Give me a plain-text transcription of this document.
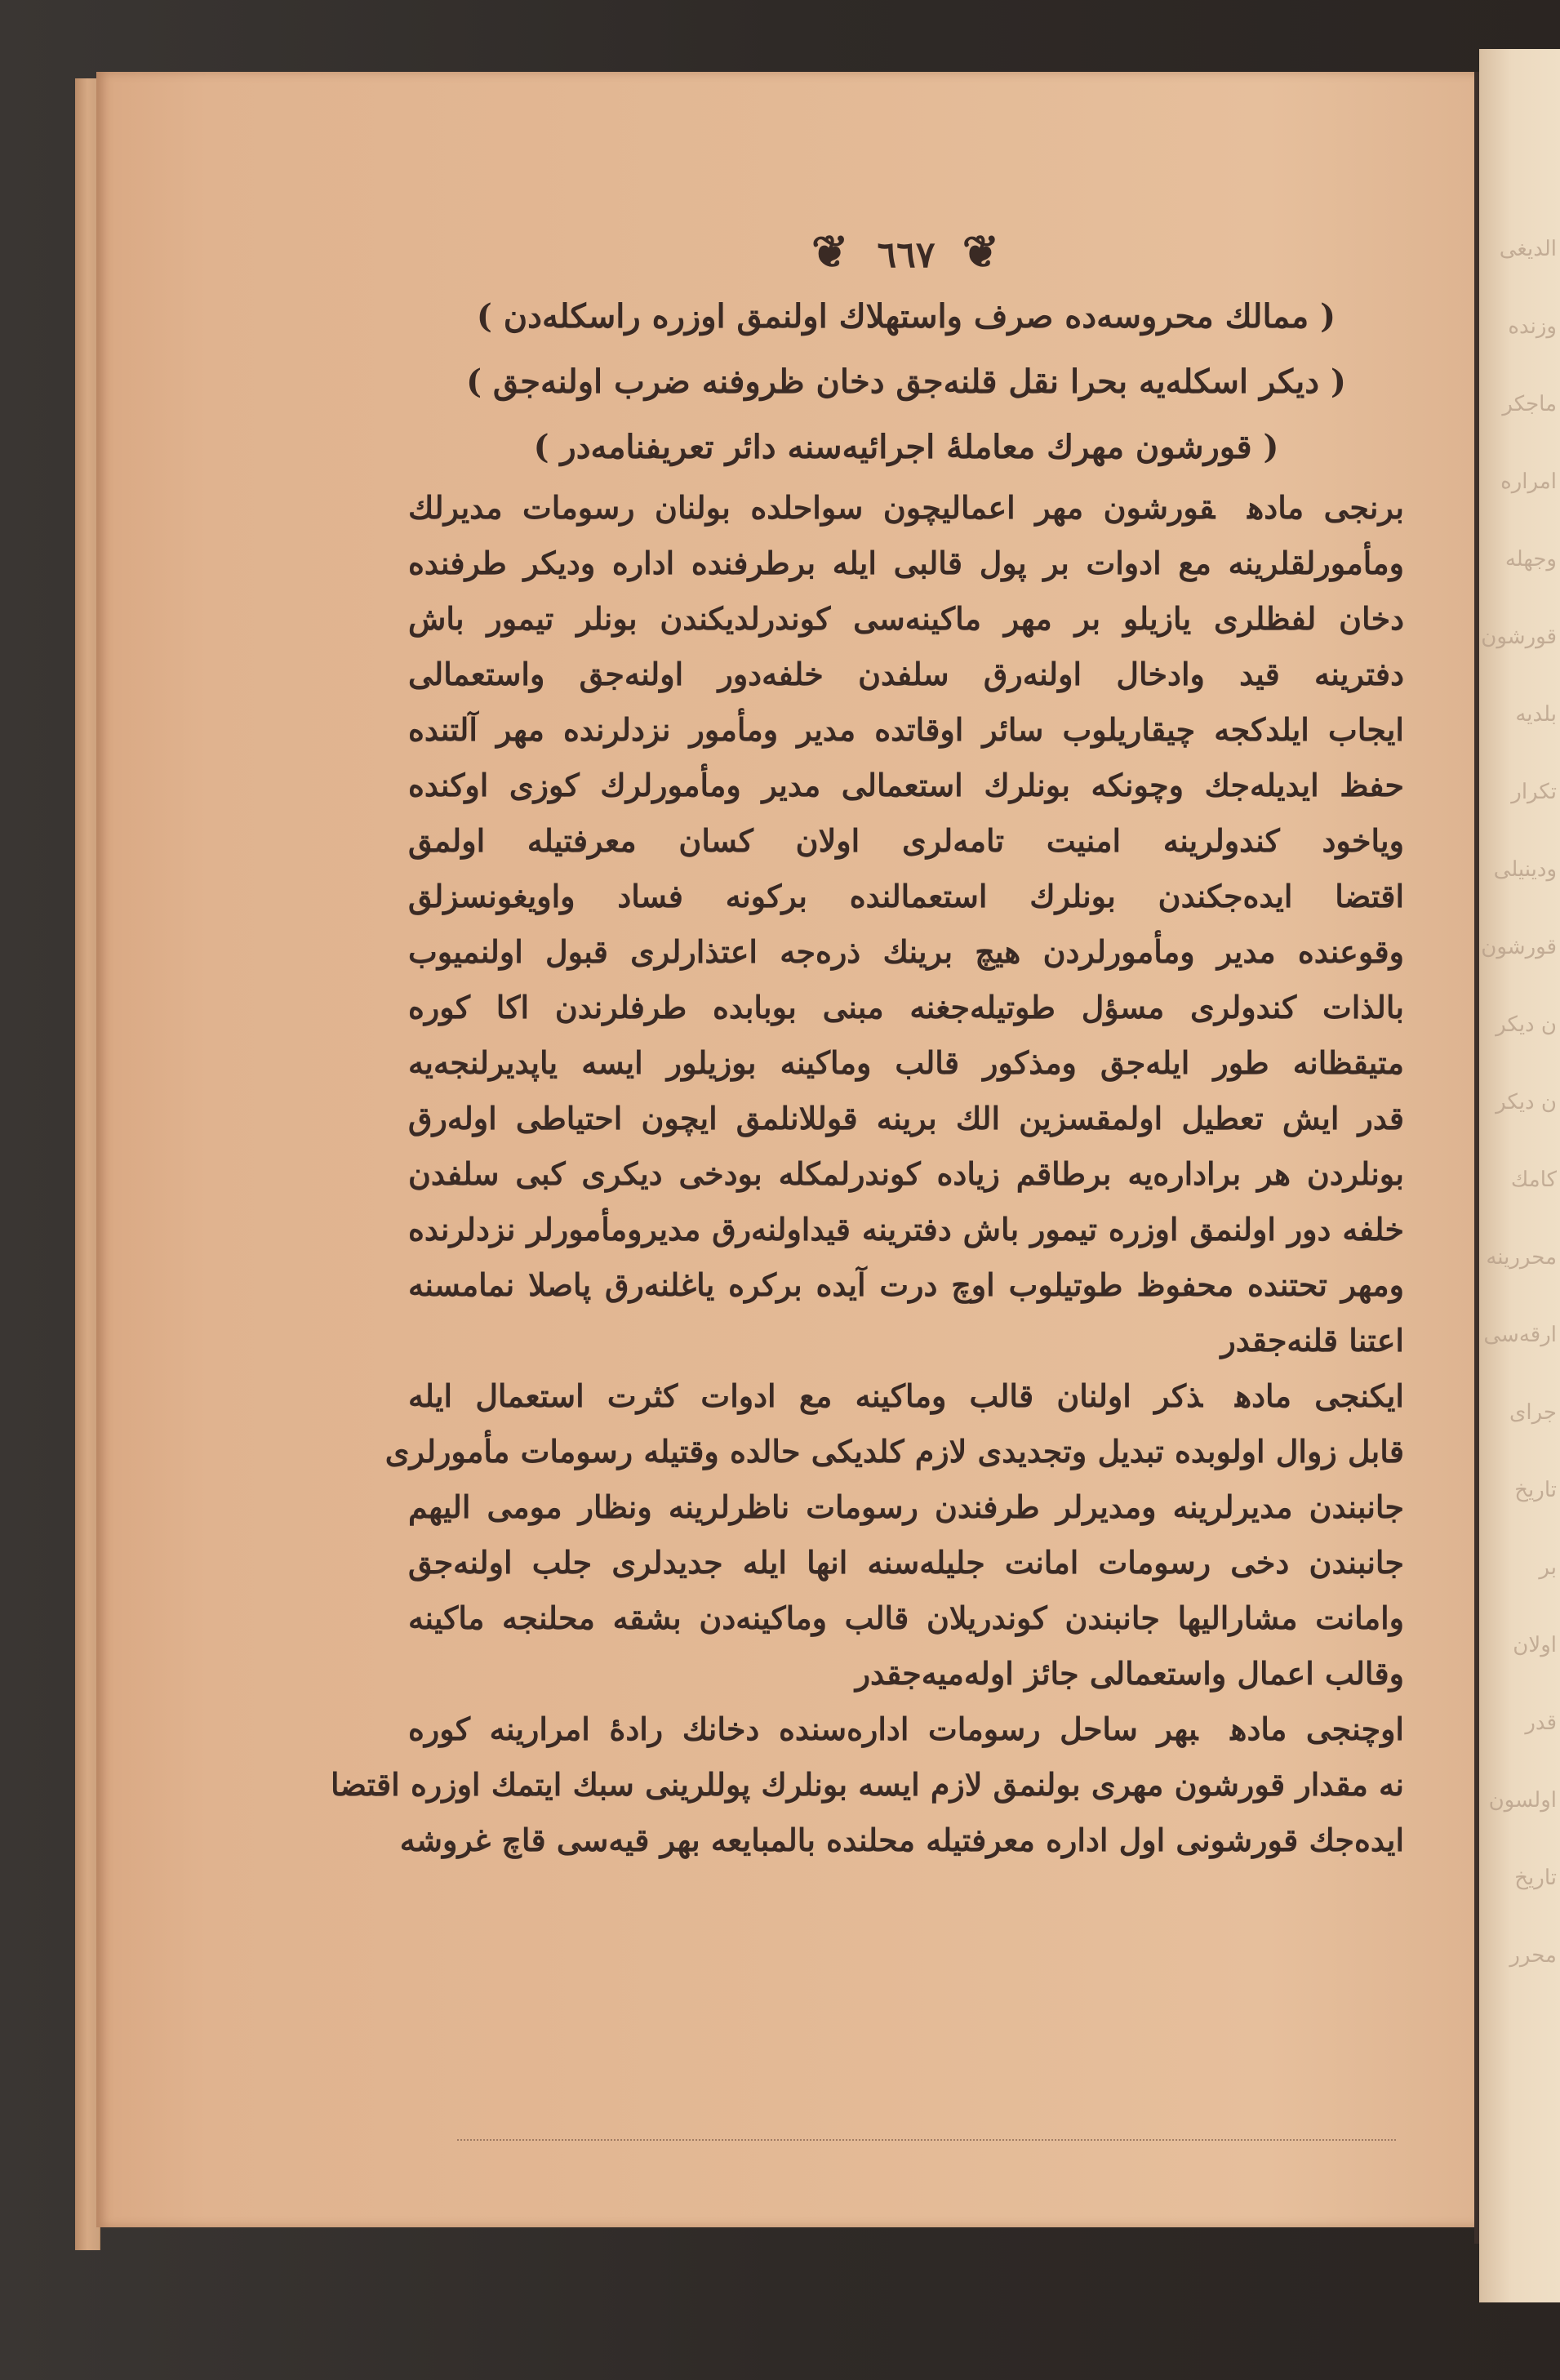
❦ ٦٦٧ ❦
( ممالك محروسه‌ده صرف واستهلاك اولنمق اوزره راسكله‌دن )
( دیكر اسكله‌یه بحرا نقل قلنه‌جق دخان ظروفنه ضرب اولنه‌جق )
( قورشون مهرك معامله‌ٔ اجرائیه‌سنه دائر تعریفنامه‌در )
برنجی مادهقورشون مهر اعمالیچون سواحلده بولنان رسومات مدیرلك
ومأمورلقلرینه مع ادوات بر پول قالبی ایله برطرفنده اداره ودیكر طرفنده
دخان لفظلری یازیلو بر مهر ماكینه‌سی كوندرلدیكندن بونلر تیمور باش
دفترینه قید وادخال اولنه‌رق سلفدن خلفه‌دور اولنه‌جق واستعمالی
ایجاب ایلدكجه چیقاریلوب سائر اوقاتده مدیر ومأمور نزدلرنده مهر آلتنده
حفظ ایدیله‌جك وچونكه بونلرك استعمالی مدیر ومأمورلرك كوزی اوكنده
وياخود كندولرینه امنیت تامه‌لری اولان كسان معرفتیله اولمق
اقتضا ایده‌جكندن بونلرك استعمالنده بركونه فساد واویغونسزلق
وقوعنده مدیر ومأمورلردن هیچ برینك ذره‌جه اعتذارلری قبول اولنمیوب
بالذات كندولری مسؤل طوتیله‌جغنه مبنی بوبابده طرفلرندن اكا كوره
متیقظانه طور ایله‌جق ومذكور قالب وماكینه بوزیلور ایسه یاپدیرلنجه‌یه
قدر ایش تعطیل اولمقسزین الك برینه قوللانلمق ایچون احتیاطی اوله‌رق
بونلردن هر براداره‌یه برطاقم زیاده كوندرلمكله بودخی دیكری كبی سلفدن
خلفه دور اولنمق اوزره تیمور باش دفترینه قیداولنه‌رق مدیرومأمورلر نزدلرنده
ومهر تحتنده محفوظ طوتیلوب اوچ درت آیده بركره یاغلنه‌رق پاصلا نمامسنه
اعتنا قلنه‌جقدر
ایكنجی مادهذكر اولنان قالب وماكینه مع ادوات كثرت استعمال ایله
قابل زوال اولوبده تبدیل وتجدیدی لازم كلدیكی حالده وقتیله رسومات مأمورلری
جانبندن مدیرلرینه ومدیرلر طرفندن رسومات ناظرلرینه ونظار مومی الیهم
جانبندن دخی رسومات امانت جلیله‌سنه انها ایله جدیدلری جلب اولنه‌جق
وامانت مشارالیها جانبندن كوندریلان قالب وماكینه‌دن بشقه محلنجه ماكینه
وقالب اعمال واستعمالی جائز اوله‌میه‌جقدر
اوچنجی مادهبهر ساحل رسومات اداره‌سنده دخانك راده‌ٔ امرارینه كوره
نه مقدار قورشون مهری بولنمق لازم ایسه بونلرك پوللرینی سبك ایتمك اوزره اقتضا
ایده‌جك قورشونی اول اداره معرفتیله محلنده بالمبایعه بهر قیه‌سی قاچ غروشه
الدیغی
وزنده
ماجكر
امراره
وجهله
قورشون
بلدیه
تكرار
ودینیلی
قورشون
ن دیكر
ن دیكر
كامك
محررینه
ارقه‌سی
جرای
تاریخ
بر
اولان
قدر
اولسون
تاریخ
محرر
